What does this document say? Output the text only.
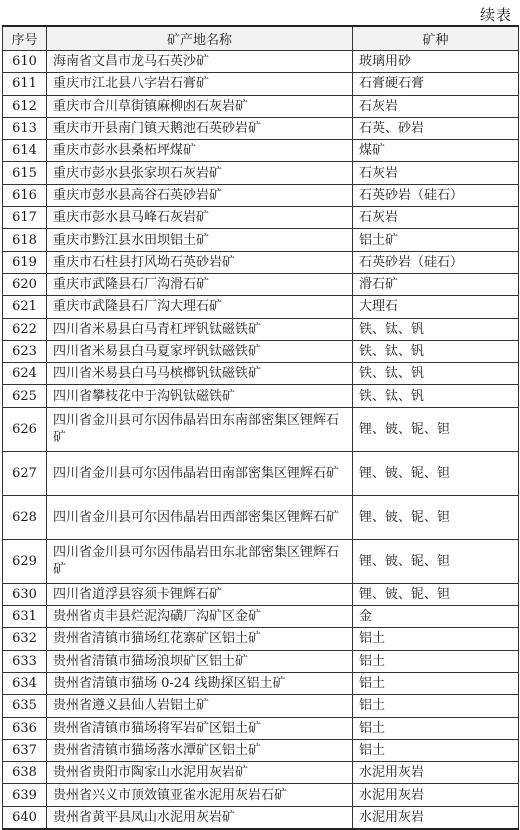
续表
序号	矿产地名称	矿种
610	海南省文昌市龙马石英沙矿	玻璃用砂
611	重庆市江北县八字岩石膏矿	石膏硬石膏
612	重庆市合川草街镇麻柳凼石灰岩矿	石灰岩
613	重庆市开县南门镇天鹅池石英砂岩矿	石英、砂岩
614	重庆市彭水县桑柘坪煤矿	煤矿
615	重庆市彭水县张家坝石灰岩矿	石灰岩
616	重庆市彭水县高谷石英砂岩矿	石英砂岩（硅石）
617	重庆市彭水县马峰石灰岩矿	石灰岩
618	重庆市黔江县水田坝铝土矿	铝土矿
619	重庆市石柱县打风坳石英砂岩矿	石英砂岩（硅石）
620	重庆市武隆县石厂沟滑石矿	滑石矿
621	重庆市武隆县石厂沟大理石矿	大理石
622	四川省米易县白马青杠坪钒钛磁铁矿	铁、钛、钒
623	四川省米易县白马夏家坪钒钛磁铁矿	铁、钛、钒
624	四川省米易县白马马槟榔钒钛磁铁矿	铁、钛、钒
625	四川省攀枝花中于沟钒钛磁铁矿	铁、钛、钒
626	四川省金川县可尔因伟晶岩田东南部密集区锂辉石矿	锂、铍、铌、钽
627	四川省金川县可尔因伟晶岩田南部密集区锂辉石矿	锂、铍、铌、钽
628	四川省金川县可尔因伟晶岩田西部密集区锂辉石矿	锂、铍、铌、钽
629	四川省金川县可尔因伟晶岩田东北部密集区锂辉石矿	锂、铍、铌、钽
630	四川省道浮县容须卡锂辉石矿	锂、铍、铌、钽
631	贵州省贞丰县烂泥沟磺厂沟矿区金矿	金
632	贵州省清镇市猫场红花寨矿区铝土矿	铝土
633	贵州省清镇市猫场浪坝矿区铝土矿	铝土
634	贵州省清镇市猫场 0-24 线勘探区铝土矿	铝土
635	贵州省遵义县仙人岩铝土矿	铝土
636	贵州省清镇市猫场将军岩矿区铝土矿	铝土
637	贵州省清镇市猫场落水潭矿区铝土矿	铝土
638	贵州省贵阳市陶家山水泥用灰岩矿	水泥用灰岩
639	贵州省兴义市顶效镇亚雀水泥用灰岩石矿	水泥用灰岩
640	贵州省黄平县凤山水泥用灰岩矿	水泥用灰岩
